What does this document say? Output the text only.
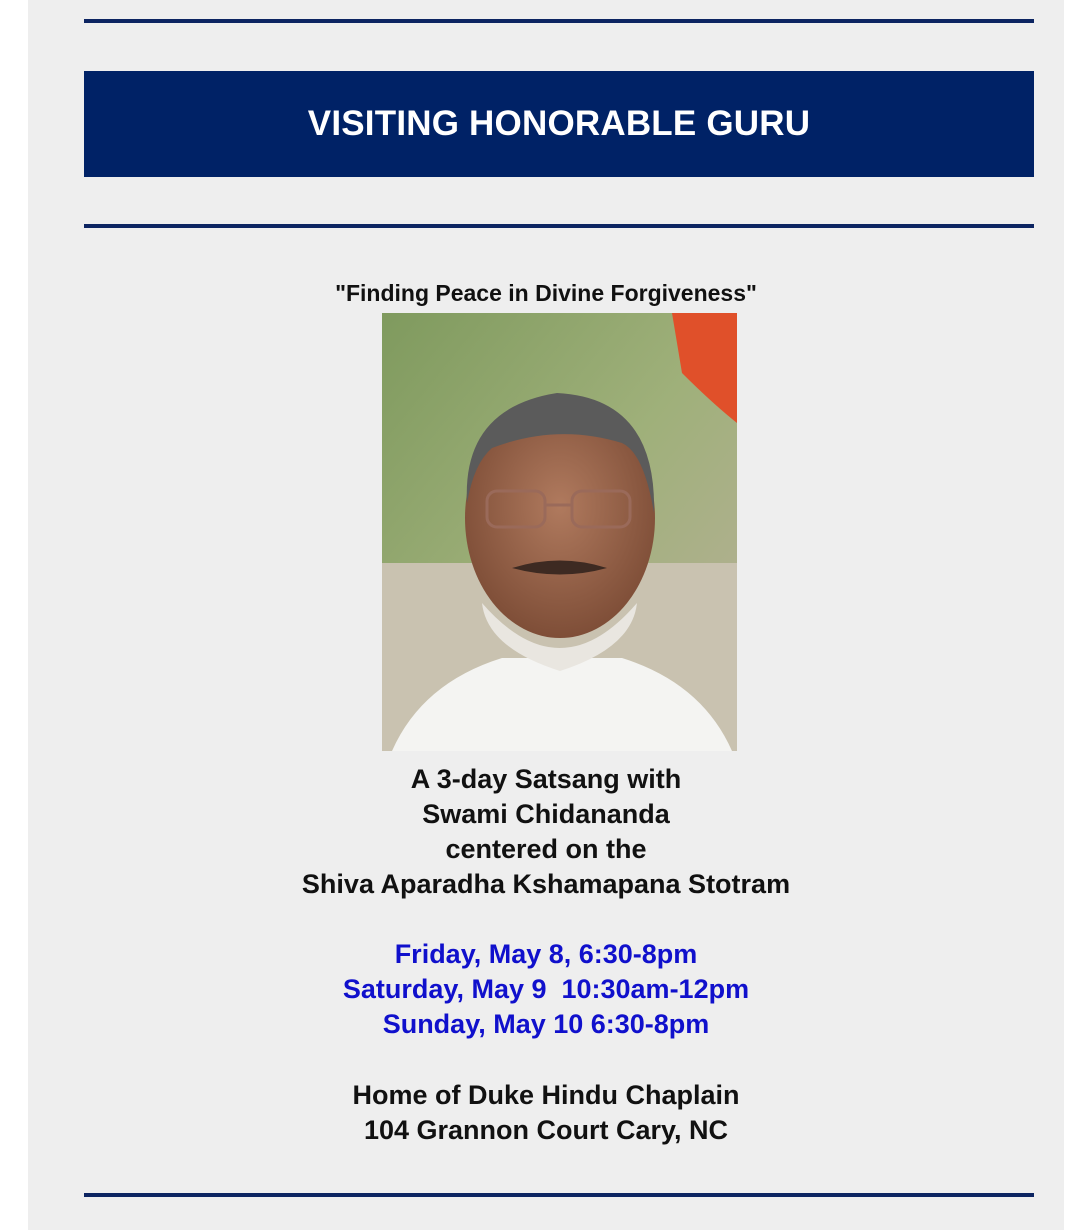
VISITING HONORABLE GURU
"Finding Peace in Divine Forgiveness"

A 3-day Satsang with

Swami Chidananda

centered on the

Shiva Aparadha Kshamapana Stotram

Friday, May 8, 6:30-8pm

Saturday, May 9  10:30am-12pm

Sunday, May 10 6:30-8pm

Home of Duke Hindu Chaplain

104 Grannon Court Cary, NC
